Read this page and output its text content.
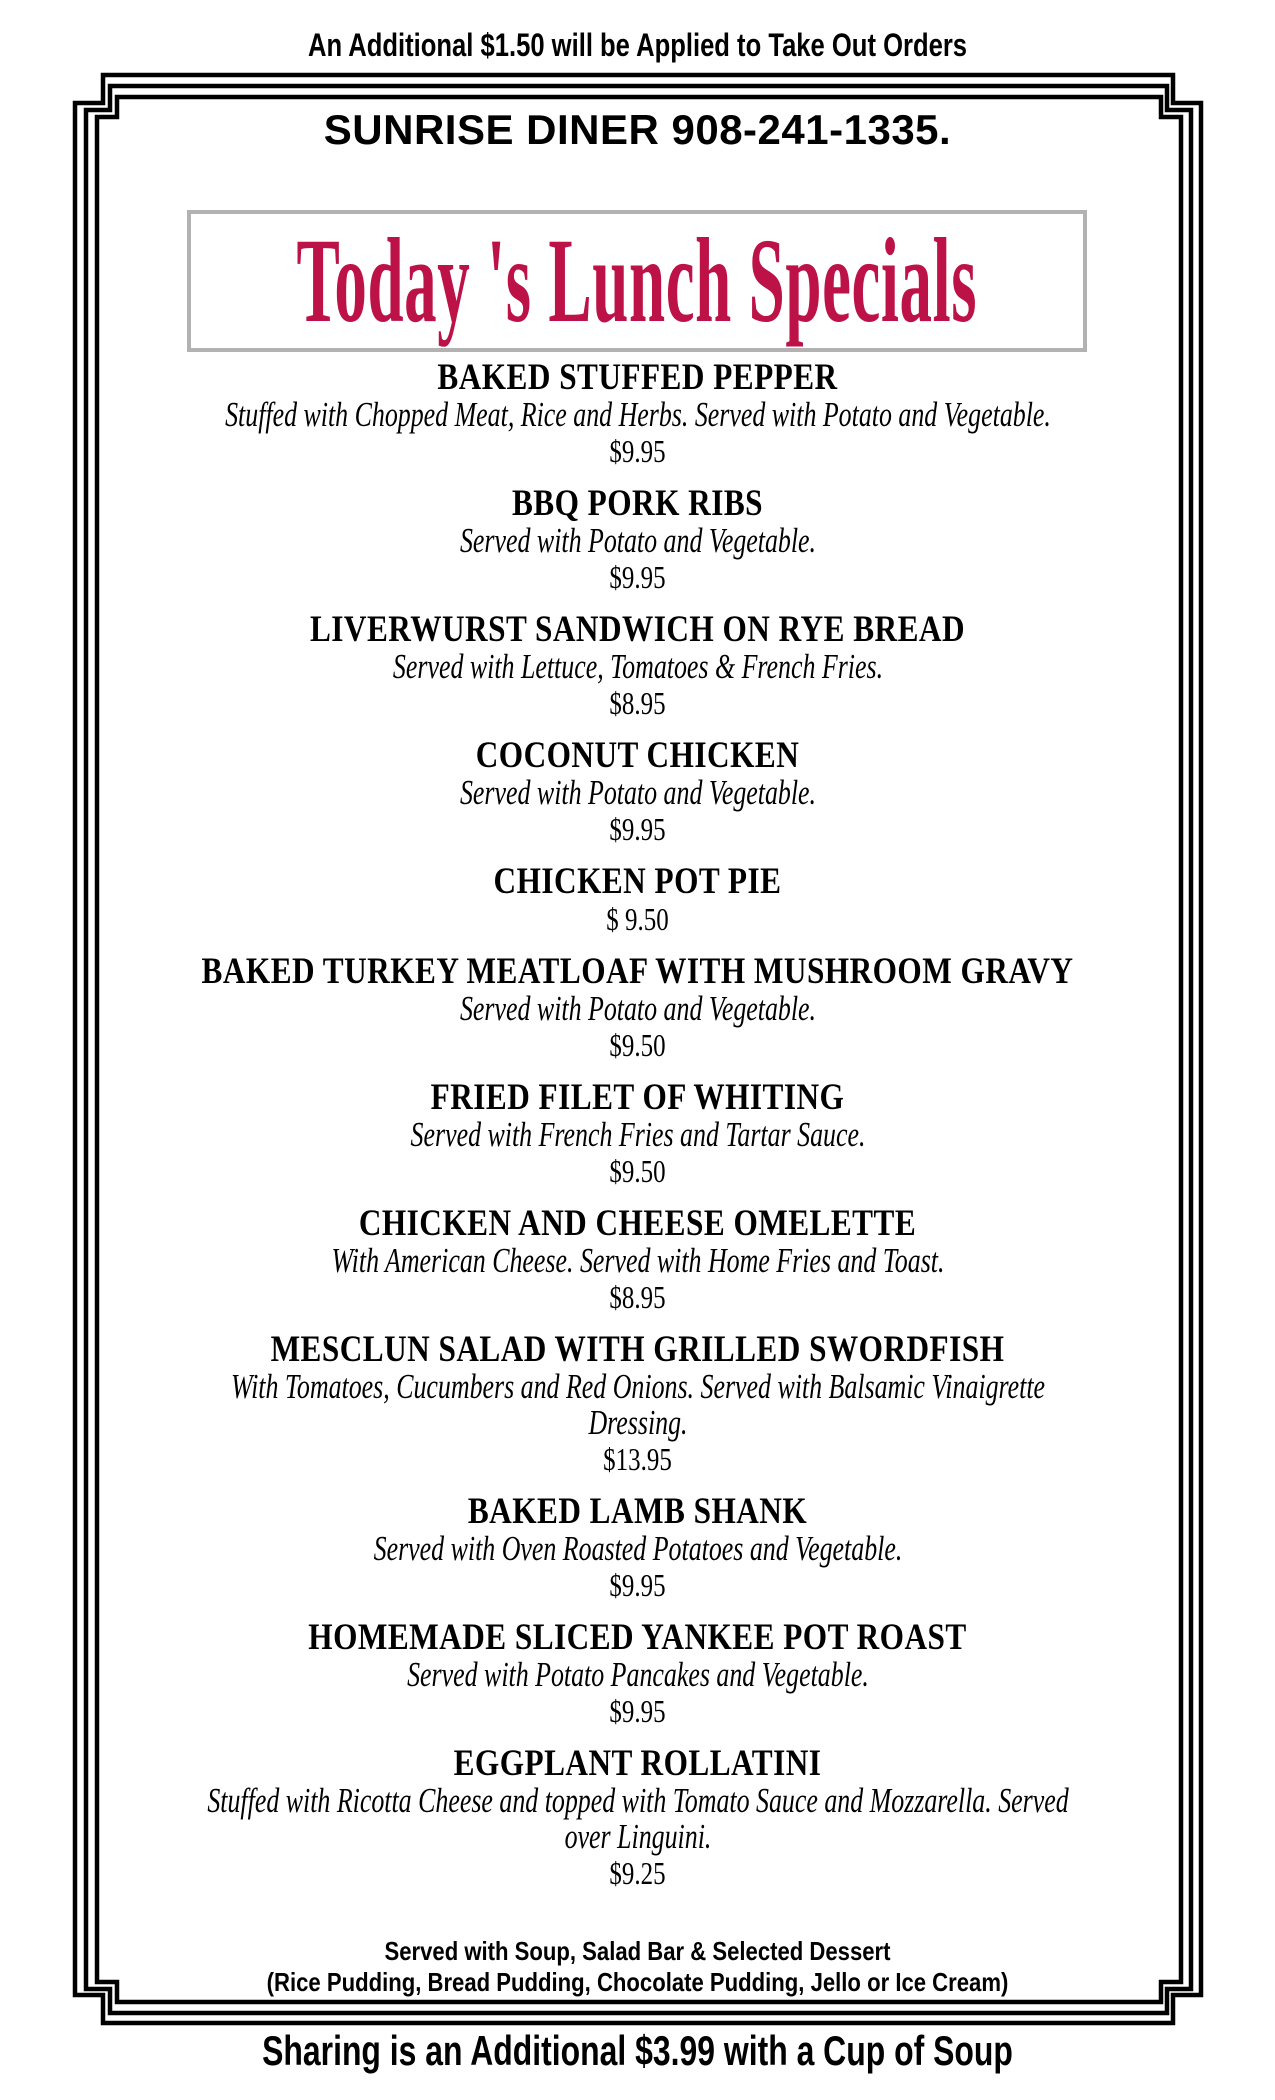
An Additional $1.50 will be Applied to Take Out Orders
SUNRISE DINER 908-241-1335.
Today 's Lunch Specials
BAKED STUFFED PEPPER
Stuffed with Chopped Meat, Rice and Herbs. Served with Potato and Vegetable.
$9.95
BBQ PORK RIBS
Served with Potato and Vegetable.
$9.95
LIVERWURST SANDWICH ON RYE BREAD
Served with Lettuce, Tomatoes & French Fries.
$8.95
COCONUT CHICKEN
Served with Potato and Vegetable.
$9.95
CHICKEN POT PIE
$ 9.50
BAKED TURKEY MEATLOAF WITH MUSHROOM GRAVY
Served with Potato and Vegetable.
$9.50
FRIED FILET OF WHITING
Served with French Fries and Tartar Sauce.
$9.50
CHICKEN AND CHEESE OMELETTE
With American Cheese. Served with Home Fries and Toast.
$8.95
MESCLUN SALAD WITH GRILLED SWORDFISH
With Tomatoes, Cucumbers and Red Onions. Served with Balsamic Vinaigrette Dressing.
$13.95
BAKED LAMB SHANK
Served with Oven Roasted Potatoes and Vegetable.
$9.95
HOMEMADE SLICED YANKEE POT ROAST
Served with Potato Pancakes and Vegetable.
$9.95
EGGPLANT ROLLATINI
Stuffed with Ricotta Cheese and topped with Tomato Sauce and Mozzarella. Served over Linguini.
$9.25
Served with Soup, Salad Bar & Selected Dessert
(Rice Pudding, Bread Pudding, Chocolate Pudding, Jello or Ice Cream)
Sharing is an Additional $3.99 with a Cup of Soup
